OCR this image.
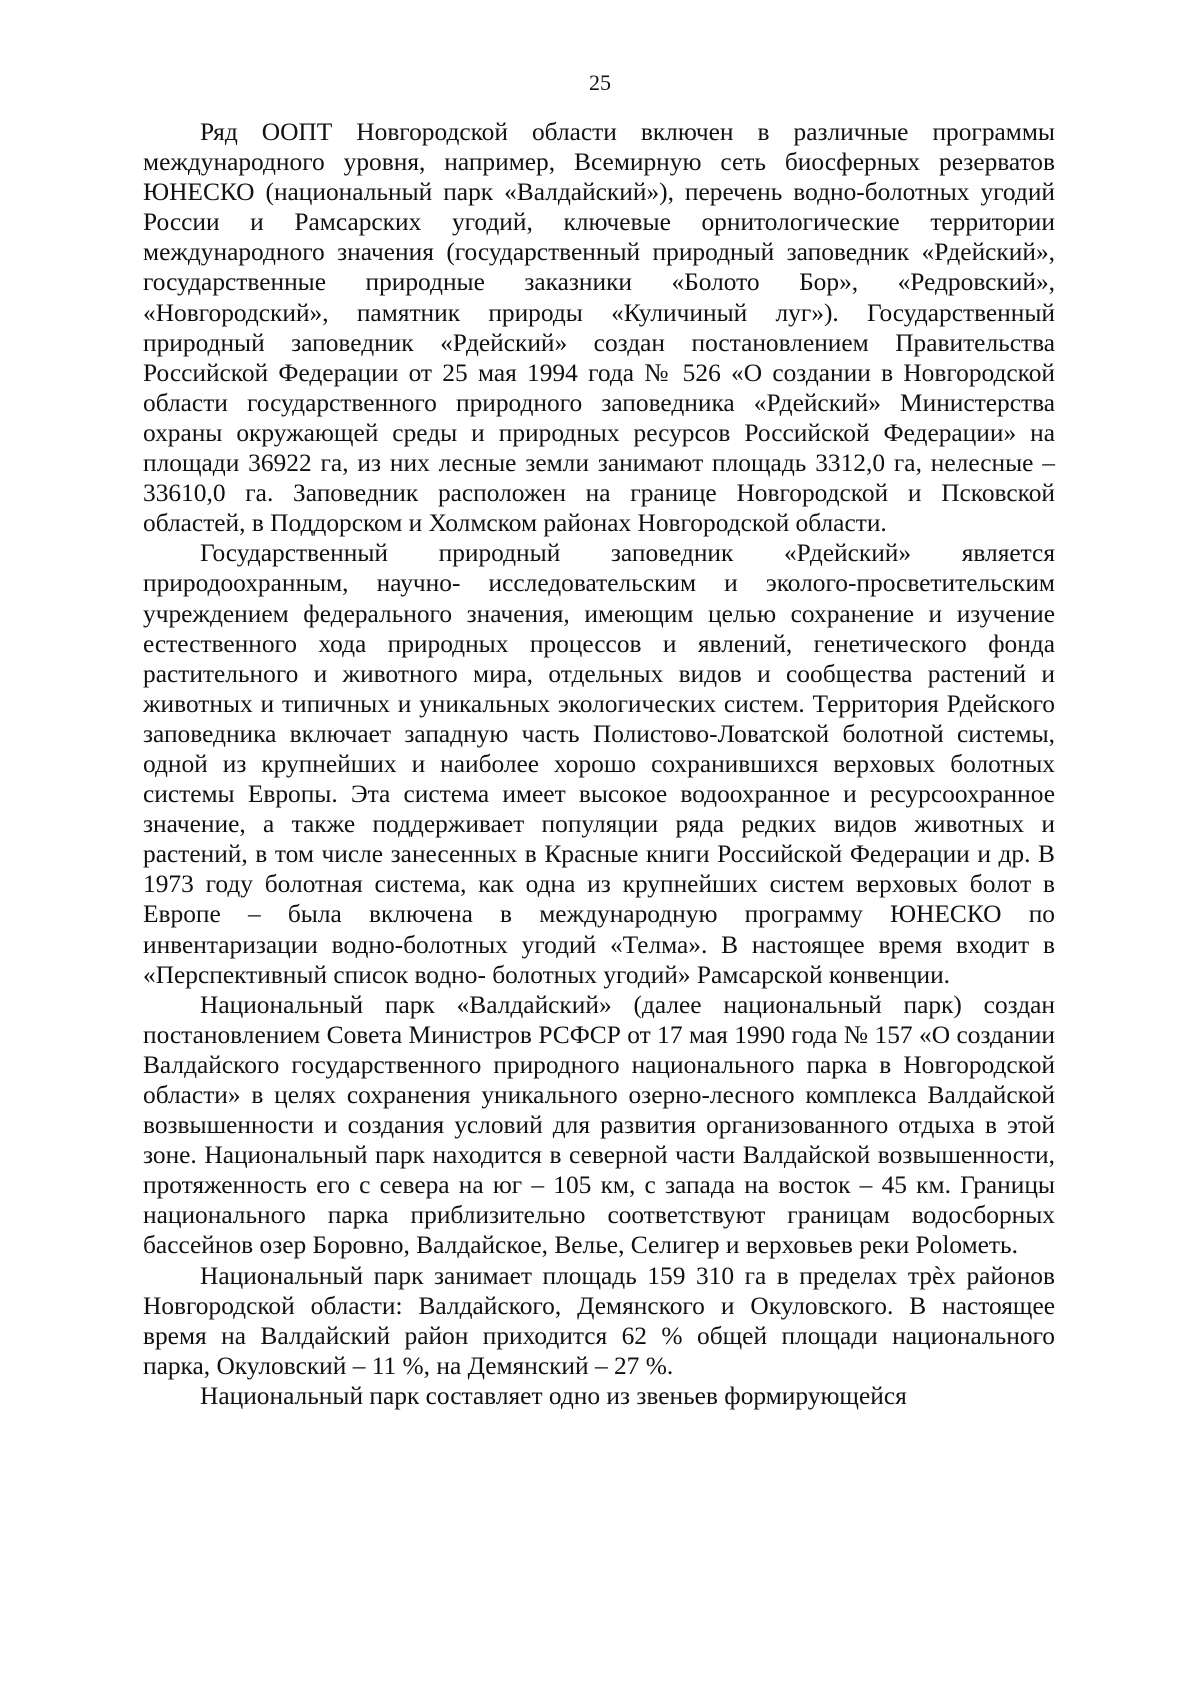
25

Ряд ООПТ Новгородской области включен в различные программы международного уровня, например, Всемирную сеть биосферных резерватов ЮНЕСКО (национальный парк «Валдайский»), перечень водно-болотных угодий России и Рамсарских угодий, ключевые орнитологические территории международного значения (государственный природный заповедник «Рдейский», государственные природные заказники «Болото Бор», «Редровский», «Новгородский», памятник природы «Куличиный луг»). Государственный природный заповедник «Рдейский» создан постановлением Правительства Российской Федерации от 25 мая 1994 года № 526 «О создании в Новгородской области государственного природного заповедника «Рдейский» Министерства охраны окружающей среды и природных ресурсов Российской Федерации» на площади 36922 га, из них лесные земли занимают площадь 3312,0 га, нелесные – 33610,0 га. Заповедник расположен на границе Новгородской и Псковской областей, в Поддорском и Холмском районах Новгородской области.

Государственный природный заповедник «Рдейский» является природоохранным, научно- исследовательским и эколого-просветительским учреждением федерального значения, имеющим целью сохранение и изучение естественного хода природных процессов и явлений, генетического фонда растительного и животного мира, отдельных видов и сообщества растений и животных и типичных и уникальных экологических систем. Территория Рдейского заповедника включает западную часть Полистово-Ловатской болотной системы, одной из крупнейших и наиболее хорошо сохранившихся верховых болотных системы Европы. Эта система имеет высокое водоохранное и ресурсоохранное значение, а также поддерживает популяции ряда редких видов животных и растений, в том числе занесенных в Красные книги Российской Федерации и др. В 1973 году болотная система, как одна из крупнейших систем верховых болот в Европе – была включена в международную программу ЮНЕСКО по инвентаризации водно-болотных угодий «Телма». В настоящее время входит в «Перспективный список водно- болотных угодий» Рамсарской конвенции.

Национальный парк «Валдайский» (далее национальный парк) создан постановлением Совета Министров РСФСР от 17 мая 1990 года № 157 «О создании Валдайского государственного природного национального парка в Новгородской области» в целях сохранения уникального озерно-лесного комплекса Валдайской возвышенности и создания условий для развития организованного отдыха в этой зоне. Национальный парк находится в северной части Валдайской возвышенности, протяженность его с севера на юг – 105 км, с запада на восток – 45 км. Границы национального парка приблизительно соответствуют границам водосборных бассейнов озер Боровно, Валдайское, Велье, Селигер и верховьев реки Polометь.

Национальный парк занимает площадь 159 310 га в пределах трѐх районов Новгородской области: Валдайского, Демянского и Окуловского. В настоящее время на Валдайский район приходится 62 % общей площади национального парка, Окуловский – 11 %, на Демянский – 27 %.

Национальный парк составляет одно из звеньев формирующейся
